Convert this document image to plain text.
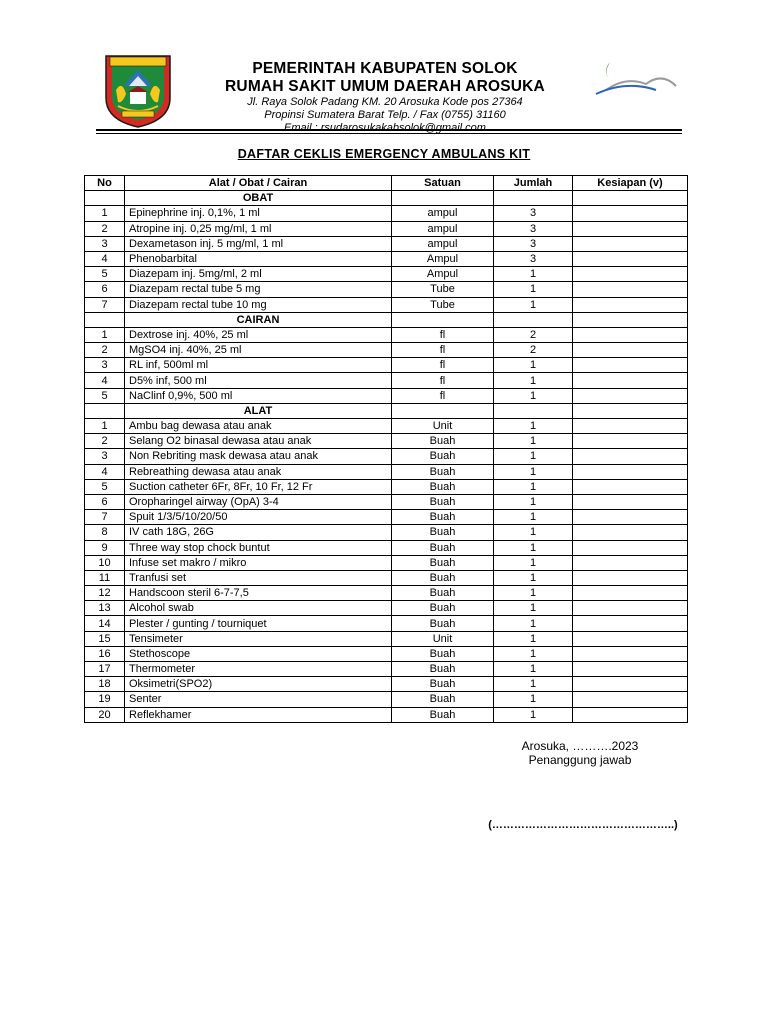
PEMERINTAH KABUPATEN SOLOK
RUMAH SAKIT UMUM DAERAH AROSUKA
Jl. Raya Solok Padang KM. 20 Arosuka Kode pos 27364
Propinsi Sumatera Barat Telp. / Fax (0755) 31160
Email : rsudarosukakabsolok@gmail.com
DAFTAR CEKLIS EMERGENCY AMBULANS KIT
No	Alat / Obat / Cairan	Satuan	Jumlah	Kesiapan (v)
	OBAT			
1	Epinephrine inj. 0,1%, 1 ml	ampul	3	
2	Atropine inj. 0,25 mg/ml, 1 ml	ampul	3	
3	Dexametason inj. 5 mg/ml, 1 ml	ampul	3	
4	Phenobarbital	Ampul	3	
5	Diazepam inj. 5mg/ml, 2 ml	Ampul	1	
6	Diazepam rectal tube 5 mg	Tube	1	
7	Diazepam rectal tube 10 mg	Tube	1	
	CAIRAN			
1	Dextrose inj. 40%, 25 ml	fl	2	
2	MgSO4 inj. 40%, 25 ml	fl	2	
3	RL inf, 500ml ml	fl	1	
4	D5% inf, 500 ml	fl	1	
5	NaClinf 0,9%, 500 ml	fl	1	
	ALAT			
1	Ambu bag dewasa atau anak	Unit	1	
2	Selang O2 binasal dewasa atau anak	Buah	1	
3	Non Rebriting mask dewasa atau anak	Buah	1	
4	Rebreathing dewasa atau anak	Buah	1	
5	Suction catheter 6Fr, 8Fr, 10 Fr, 12 Fr	Buah	1	
6	Oropharingel airway (OpA) 3-4	Buah	1	
7	Spuit 1/3/5/10/20/50	Buah	1	
8	IV cath 18G, 26G	Buah	1	
9	Three way stop chock buntut	Buah	1	
10	Infuse set makro / mikro	Buah	1	
11	Tranfusi set	Buah	1	
12	Handscoon steril 6-7-7,5	Buah	1	
13	Alcohol swab	Buah	1	
14	Plester / gunting / tourniquet	Buah	1	
15	Tensimeter	Unit	1	
16	Stethoscope	Buah	1	
17	Thermometer	Buah	1	
18	Oksimetri(SPO2)	Buah	1	
19	Senter	Buah	1	
20	Reflekhamer	Buah	1	
Arosuka, ……….2023
Penanggung jawab
(…………………………………………..)
